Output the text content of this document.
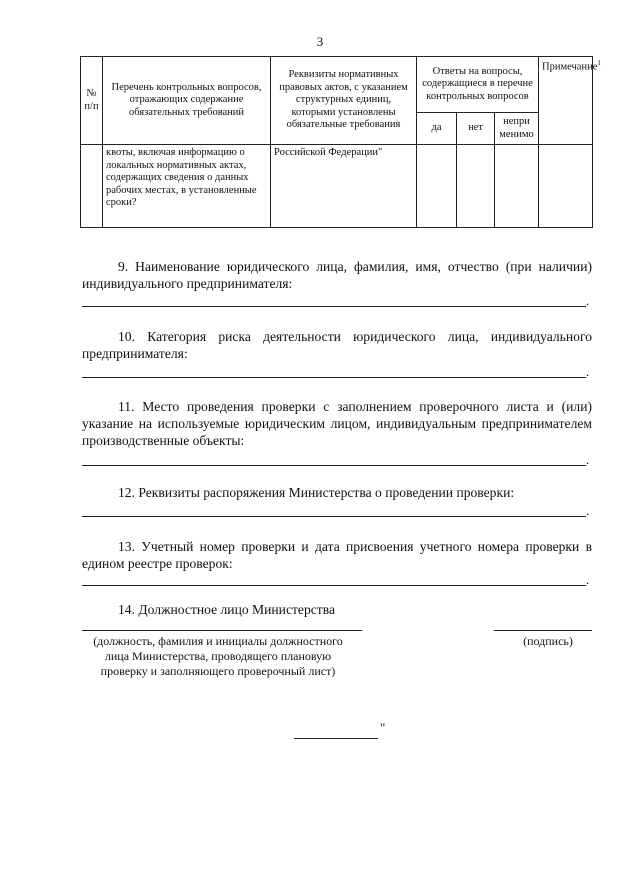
3
№ п/п	Перечень контрольных вопросов, отражающих содержание обязательных требований	Реквизиты нормативных правовых актов, с указанием структурных единиц, которыми установлены обязательные требования	Ответы на вопросы, содержащиеся в перечне контрольных вопросов			Примечание$^1$
			да	нет	непри менимо	
	квоты, включая информацию о локальных нормативных актах, содержащих сведения о данных рабочих местах, в установленные сроки?	Российской Федерации"				
9. Наименование юридического лица, фамилия, имя, отчество (при наличии) индивидуального предпринимателя:
.
10. Категория риска деятельности юридического лица, индивидуального предпринимателя:
.
11. Место проведения проверки с заполнением проверочного листа и (или) указание на используемые юридическим лицом, индивидуальным предпринимателем производственные объекты:
.
12. Реквизиты распоряжения Министерства о проведении проверки:
.
13. Учетный номер проверки и дата присвоения учетного номера проверки в едином реестре проверок:
.
14. Должностное лицо Министерства
(должность, фамилия и инициалы должностного лица Министерства, проводящего плановую проверку и заполняющего проверочный лист)
(подпись)
"
